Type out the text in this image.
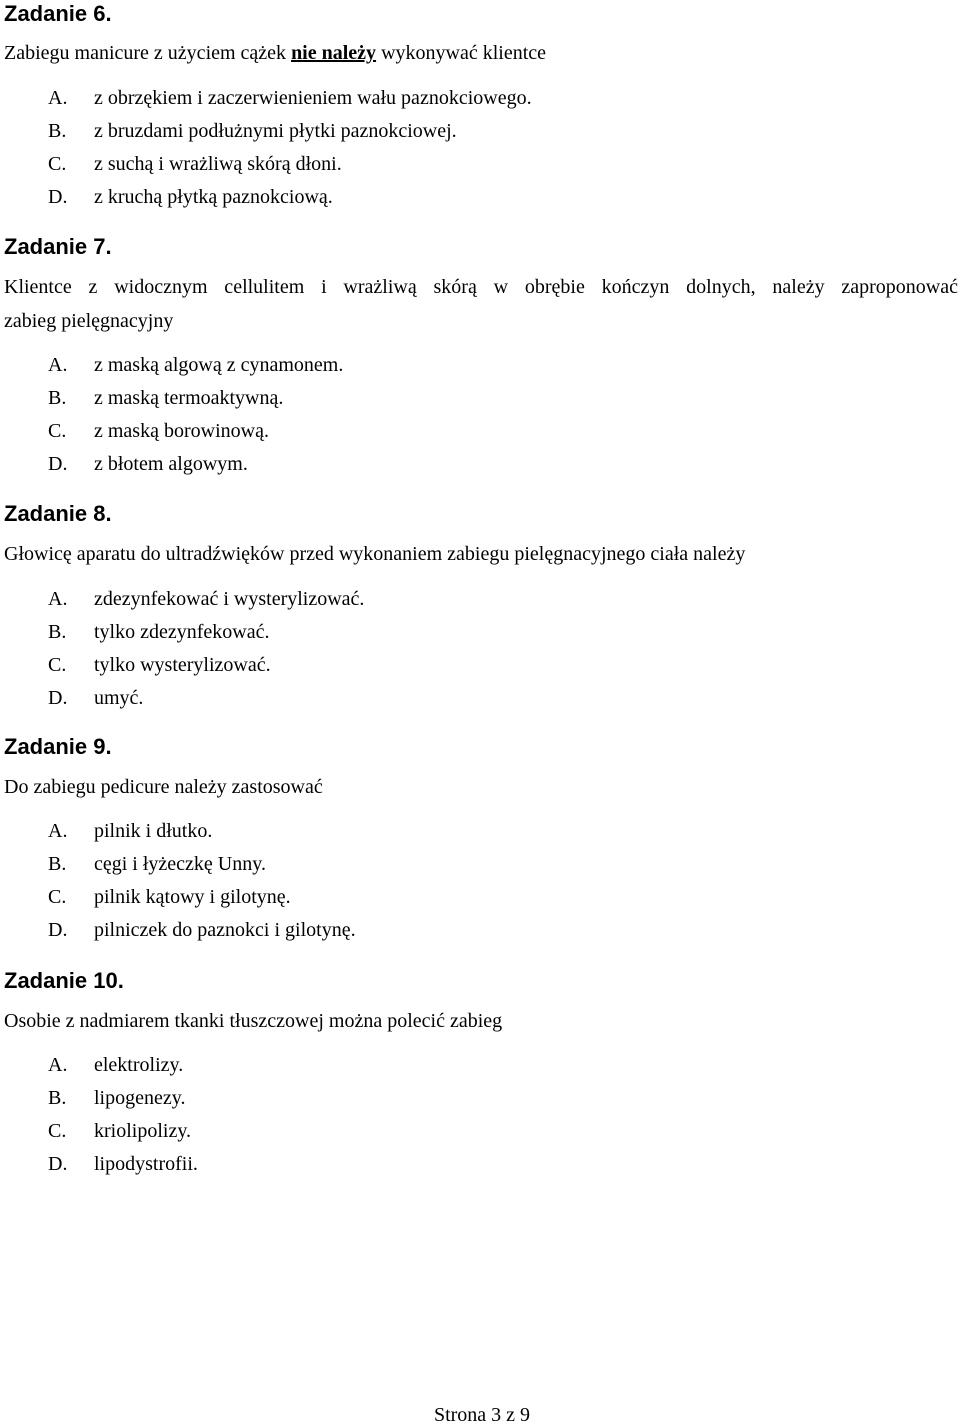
Zadanie 6.

Zabiegu manicure z użyciem cążek nie należy wykonywać klientce

A. z obrzękiem i zaczerwienieniem wału paznokciowego.
B. z bruzdami podłużnymi płytki paznokciowej.
C. z suchą i wrażliwą skórą dłoni.
D. z kruchą płytką paznokciową.
Zadanie 7.

Klientce z widocznym cellulitem i wrażliwą skórą w obrębie kończyn dolnych, należy zaproponować
zabieg pielęgnacyjny

A. z maską algową z cynamonem.
B. z maską termoaktywną.
C. z maską borowinową.
D. z błotem algowym.
Zadanie 8.

Głowicę aparatu do ultradźwięków przed wykonaniem zabiegu pielęgnacyjnego ciała należy

A. zdezynfekować i wysterylizować.
B. tylko zdezynfekować.
C. tylko wysterylizować.
D. umyć.
Zadanie 9.

Do zabiegu pedicure należy zastosować

A. pilnik i dłutko.
B. cęgi i łyżeczkę Unny.
C. pilnik kątowy i gilotynę.
D. pilniczek do paznokci i gilotynę.
Zadanie 10.

Osobie z nadmiarem tkanki tłuszczowej można polecić zabieg

A. elektrolizy.
B. lipogenezy.
C. kriolipolizy.
D. lipodystrofii.
Strona 3 z 9
